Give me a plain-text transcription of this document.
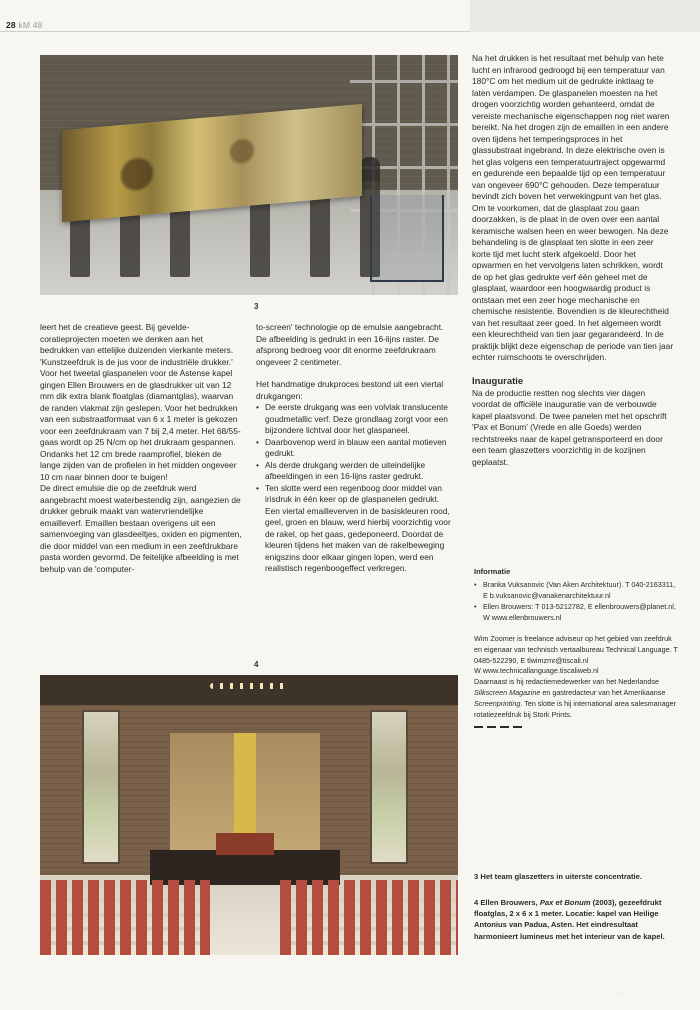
28 kM 48
3

Na het drukken is het resultaat met behulp van hete lucht en infrarood gedroogd bij een temperatuur van 180°C om het medium uit de gedrukte inktlaag te laten verdampen. De glaspanelen moesten na het drogen voorzichtig worden gehanteerd, omdat de vereiste mechanische eigenschappen nog niet waren bereikt. Na het drogen zijn de emaillen in een andere oven tijdens het temperingsproces in het glassubstraat ingebrand. In deze elektrische oven is het glas volgens een temperatuurtraject opgewarmd en gedurende een bepaalde tijd op een temperatuur van ongeveer 690°C gehouden. Deze temperatuur bevindt zich boven het verwekingpunt van het glas. Om te voorkomen, dat de glasplaat zou gaan doorzakken, is de plaat in de oven over een aantal keramische walsen heen en weer bewogen. Na deze behandeling is de glasplaat ten slotte in een zeer korte tijd met lucht sterk afgekoeld. Door het opwarmen en het vervolgens laten schrikken, wordt de op het glas gedrukte verf één geheel met de glasplaat, waardoor een hoogwaardig product is ontstaan met een zeer hoge mechanische en chemische resistentie. Bovendien is de kleurechtheid van het resultaat zeer goed. In het algemeen wordt een kleurechtheid van tien jaar gegarandeerd. In de praktijk blijkt deze eigenschap de periode van tien jaar echter ruimschoots te overschrijden.

Inauguratie

Na de productie restten nog slechts vier dagen voordat de officiële inauguratie van de verbouwde kapel plaatsvond. De twee panelen met het opschrift 'Pax et Bonum' (Vrede en alle Goeds) werden rechtstreeks naar de kapel getransporteerd en door een team glaszetters voorzichtig in de kozijnen geplaatst.

leert het de creatieve geest. Bij geveldecoratieprojecten moeten we denken aan het bedrukken van ettelijke duizenden vierkante meters. 'Kunstzeefdruk is de jus voor de industriële drukker.'

Voor het tweetal glaspanelen voor de Astense kapel gingen Ellen Brouwers en de glasdrukker uit van 12 mm dik extra blank floatglas (diamantglas), waarvan de randen vlakmat zijn geslepen. Voor het bedrukken van een substraatformaat van 6 x 1 meter is gekozen voor een zeefdrukraam van 7 bij 2,4 meter. Het 68/55-gaas wordt op 25 N/cm op het drukraam gespannen. Ondanks het 12 cm brede raamprofiel, bleken de lange zijden van de profielen in het midden ongeveer 10 cm naar binnen door te buigen!

De direct emulsie die op de zeefdruk werd aangebracht moest waterbestendig zijn, aangezien de drukker gebruik maakt van watervriendelijke emailleverf. Emaillen bestaan overigens uit een samenvoeging van glasdeeltjes, oxiden en pigmenten, die door middel van een medium in een zeefdrukbare pasta worden gevormd. De feitelijke afbeelding is met behulp van de 'computer-

to-screen' technologie op de emulsie aangebracht. De afbeelding is gedrukt in een 16-lijns raster. De afsprong bedroeg voor dit enorme zeefdrukraam ongeveer 2 centimeter.

Het handmatige drukproces bestond uit een viertal drukgangen:

• De eerste drukgang was een volvlak translucente goudmetallic verf. Deze grondlaag zorgt voor een bijzondere lichtval door het glaspaneel.
• Daarbovenop werd in blauw een aantal motieven gedrukt.
• Als derde drukgang werden de uiteindelijke afbeeldingen in een 16-lijns raster gedrukt.
• Ten slotte werd een regenboog door middel van irisdruk in één keer op de glaspanelen gedrukt. Een viertal emailleverven in de basiskleuren rood, geel, groen en blauw, werd hierbij voorzichtig voor de rakel, op het gaas, gedeponeerd. Doordat de kleuren tijdens het maken van de rakelbeweging enigszins door elkaar gingen lopen, werd een realistisch regenboogeffect verkregen.	Informatie
• Branka Vuksanovic (Van Aken Architektuur). T 040-2163311, E b.vuksanovic@vanakenarchitektuur.nl
• Ellen Brouwers: T 013-5212782, E ellenbrouwers@planet.nl, W www.ellenbrouwers.nl

Wim Zoomer is freelance adviseur op het gebied van zeefdruk en eigenaar van technisch vertaalbureau Technical Language. T 0485-522290, E tlwimzmr@tiscali.nl
W www.technicallanguage.tiscaliweb.nl
Daarnaast is hij redactiemedewerker van het Nederlandse Silkscreen Magazine en gastredacteur van het Amerikaanse Screenprinting. Ten slotte is hij international area salesmanager rotatiezeefdruk bij Stork Prints.

4
3 Het team glaszetters in uiterste concentratie.
4 Ellen Brouwers, Pax et Bonum (2003), gezeefdrukt floatglas, 2 x 6 x 1 meter. Locatie: kapel van Heilige Antonius van Padua, Asten. Het eindresultaat harmonieert lumineus met het interieur van de kapel.
·
